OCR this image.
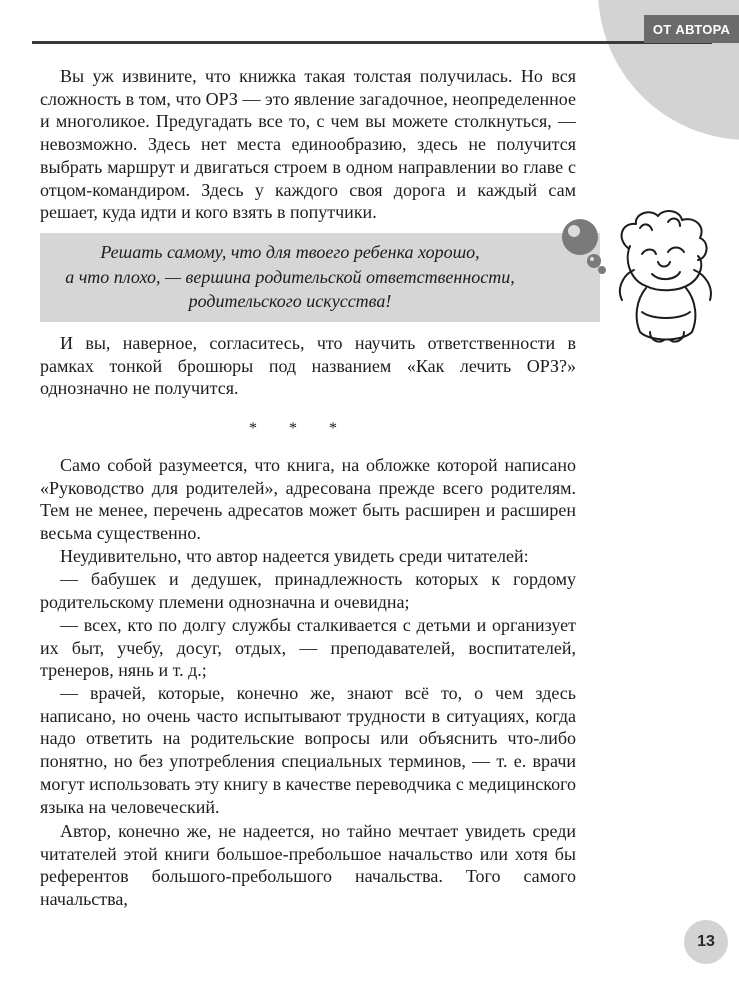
ОТ АВТОРА

Вы уж извините, что книжка такая толстая получилась. Но вся сложность в том, что ОРЗ — это явление загадочное, неопределенное и многоликое. Предугадать все то, с чем вы можете столкнуться, — невозможно. Здесь нет места единообразию, здесь не получится выбрать маршрут и двигаться строем в одном направлении во главе с отцом-командиром. Здесь у каждого своя дорога и каждый сам решает, куда идти и кого взять в попутчики.

Решать самому, что для твоего ребенка хорошо,
а что плохо, — вершина родительской ответственности,
родительского искусства!

И вы, наверное, согласитесь, что научить ответственности в рамках тонкой брошюры под названием «Как лечить ОРЗ?» однозначно не получится.

* * *

Само собой разумеется, что книга, на обложке которой написано «Руководство для родителей», адресована прежде всего родителям. Тем не менее, перечень адресатов может быть расширен и расширен весьма существенно.

Неудивительно, что автор надеется увидеть среди читателей:

— бабушек и дедушек, принадлежность которых к гордому родительскому племени однозначна и очевидна;

— всех, кто по долгу службы сталкивается с детьми и организует их быт, учебу, досуг, отдых, — преподавателей, воспитателей, тренеров, нянь и т. д.;

— врачей, которые, конечно же, знают всё то, о чем здесь написано, но очень часто испытывают трудности в ситуациях, когда надо ответить на родительские вопросы или объяснить что-либо понятно, но без употребления специальных терминов, — т. е. врачи могут использовать эту книгу в качестве переводчика с медицинского языка на человеческий.

Автор, конечно же, не надеется, но тайно мечтает увидеть среди читателей этой книги большое-пребольшое начальство или хотя бы референтов большого-пребольшого начальства. Того самого начальства,

13
